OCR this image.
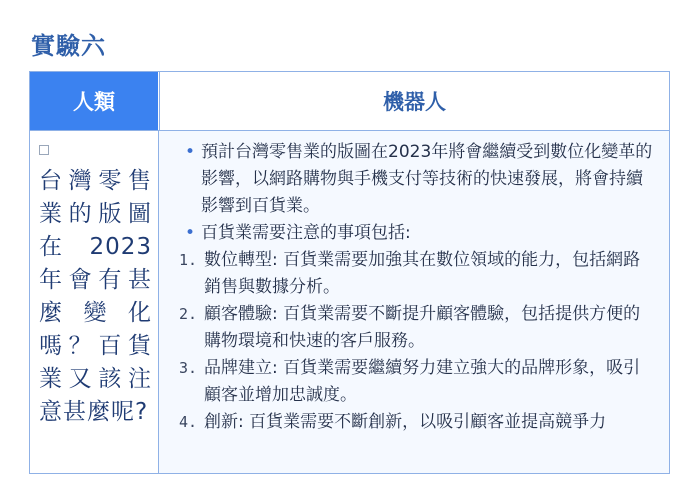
實驗六
人類	機器人
台灣零售業的版圖在 2023 年會有甚麼變化嗎？百貨業又該注意甚麼呢?
• 預計台灣零售業的版圖在2023年將會繼續受到數位化變革的影響，以網路購物與手機支付等技術的快速發展，將會持續影響到百貨業。
• 百貨業需要注意的事項包括:
1. 數位轉型: 百貨業需要加強其在數位領域的能力，包括網路銷售與數據分析。
2. 顧客體驗: 百貨業需要不斷提升顧客體驗，包括提供方便的購物環境和快速的客戶服務。
3. 品牌建立: 百貨業需要繼續努力建立強大的品牌形象，吸引顧客並增加忠誠度。
4. 創新: 百貨業需要不斷創新，以吸引顧客並提高競爭力
